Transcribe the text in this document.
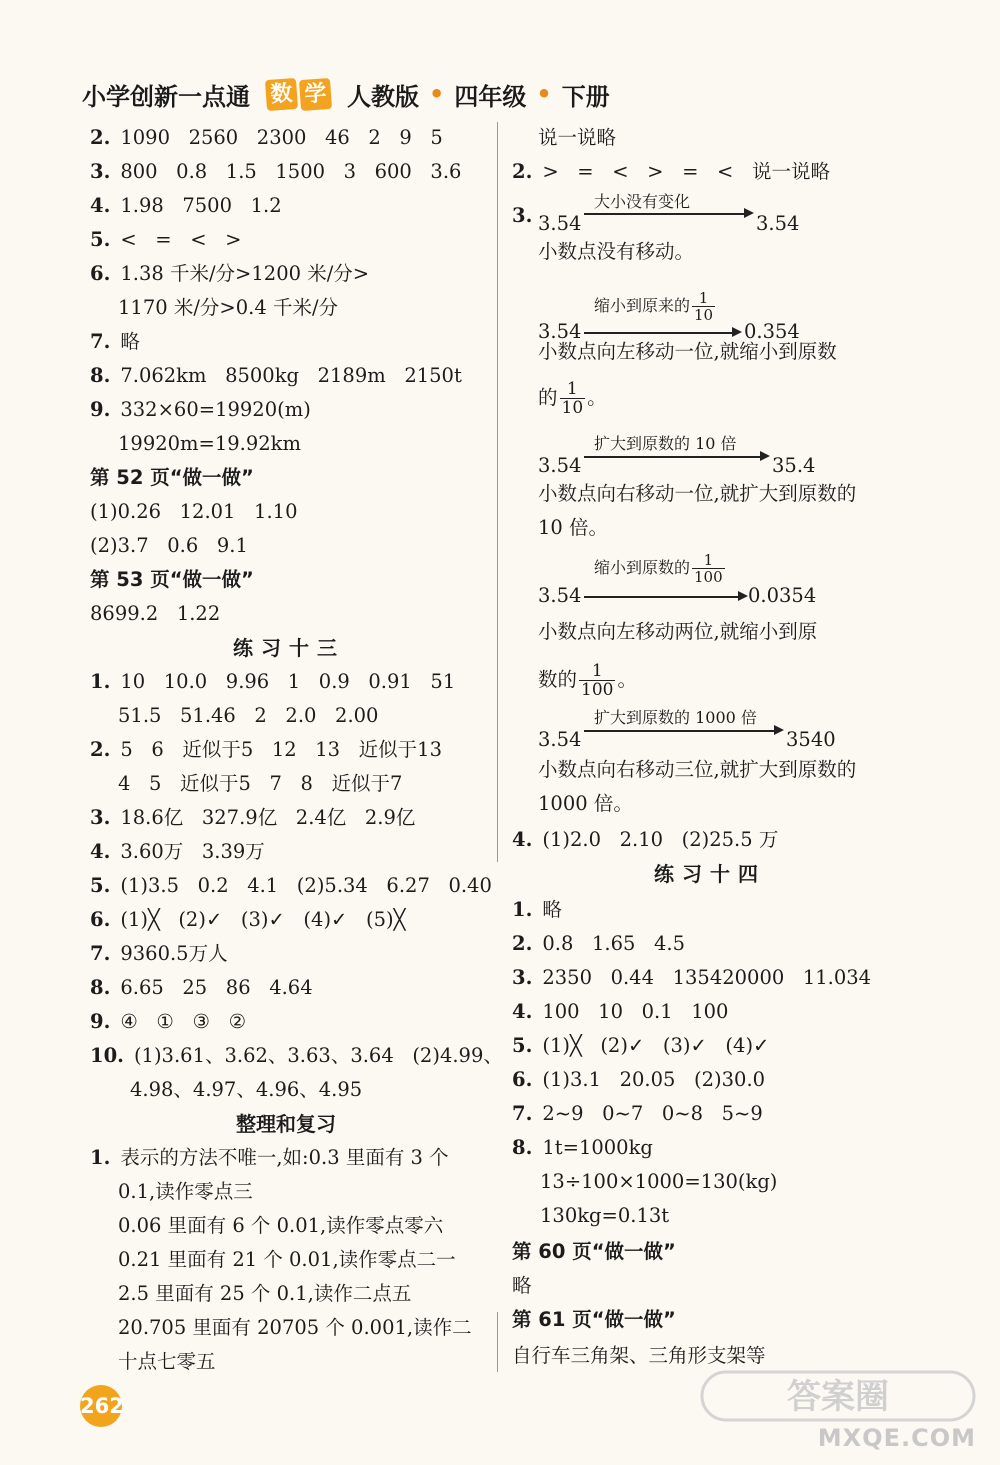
小学创新一点通 数 学 人教版 • 四年级 • 下册
2. 1090   2560   2300   46   2   9   5
3. 800   0.8   1.5   1500   3   600   3.6
4. 1.98   7500   1.2
5. <   =   <   >
6. 1.38 千米/分>1200 米/分>
1170 米/分>0.4 千米/分
7. 略
8. 7.062km   8500kg   2189m   2150t
9. 332×60=19920(m)
19920m=19.92km
第 52 页“做一做”
(1)0.26   12.01   1.10
(2)3.7   0.6   9.1
第 53 页“做一做”
8699.2   1.22
练习十三
1. 10   10.0   9.96   1   0.9   0.91   51
51.5   51.46   2   2.0   2.00
2. 5   6   近似于5   12   13   近似于13
4   5   近似于5   7   8   近似于7
3. 18.6亿   327.9亿   2.4亿   2.9亿
4. 3.60万   3.39万
5. (1)3.5   0.2   4.1   (2)5.34   6.27   0.40
6. (1)╳   (2)✓   (3)✓   (4)✓   (5)╳
7. 9360.5万人
8. 6.65   25   86   4.64
9. ④   ①   ③   ②
10. (1)3.61、3.62、3.63、3.64   (2)4.99、
4.98、4.97、4.96、4.95
整理和复习
1. 表示的方法不唯一,如:0.3 里面有 3 个
0.1,读作零点三
0.06 里面有 6 个 0.01,读作零点零六
0.21 里面有 21 个 0.01,读作零点二一
2.5 里面有 25 个 0.1,读作二点五
20.705 里面有 20705 个 0.001,读作二
十点七零五
说一说略
2. >   =   <   >   =   <   说一说略
3. 3.54
大小没有变化
3.54
小数点没有移动。
3.54
缩小到原来的 $\frac{1}{10}$
0.354
小数点向左移动一位,就缩小到原数
的 $\frac{1}{10}$ 。
3.54
扩大到原数的 10 倍
35.4
小数点向右移动一位,就扩大到原数的
10 倍。
3.54
缩小到原数的 $\frac{1}{100}$
0.0354
小数点向左移动两位,就缩小到原
数的 $\frac{1}{100}$ 。
3.54
扩大到原数的 1000 倍
3540
小数点向右移动三位,就扩大到原数的
1000 倍。
4. (1)2.0   2.10   (2)25.5 万
练习十四
1. 略
2. 0.8   1.65   4.5
3. 2350   0.44   135420000   11.034
4. 100   10   0.1   100
5. (1)╳   (2)✓   (3)✓   (4)✓
6. (1)3.1   20.05   (2)30.0
7. 2~9   0~7   0~8   5~9
8. 1t=1000kg
13÷100×1000=130(kg)
130kg=0.13t
第 60 页“做一做”
略
第 61 页“做一做”
自行车三角架、三角形支架等
262	答案圈
MXQE.COM
